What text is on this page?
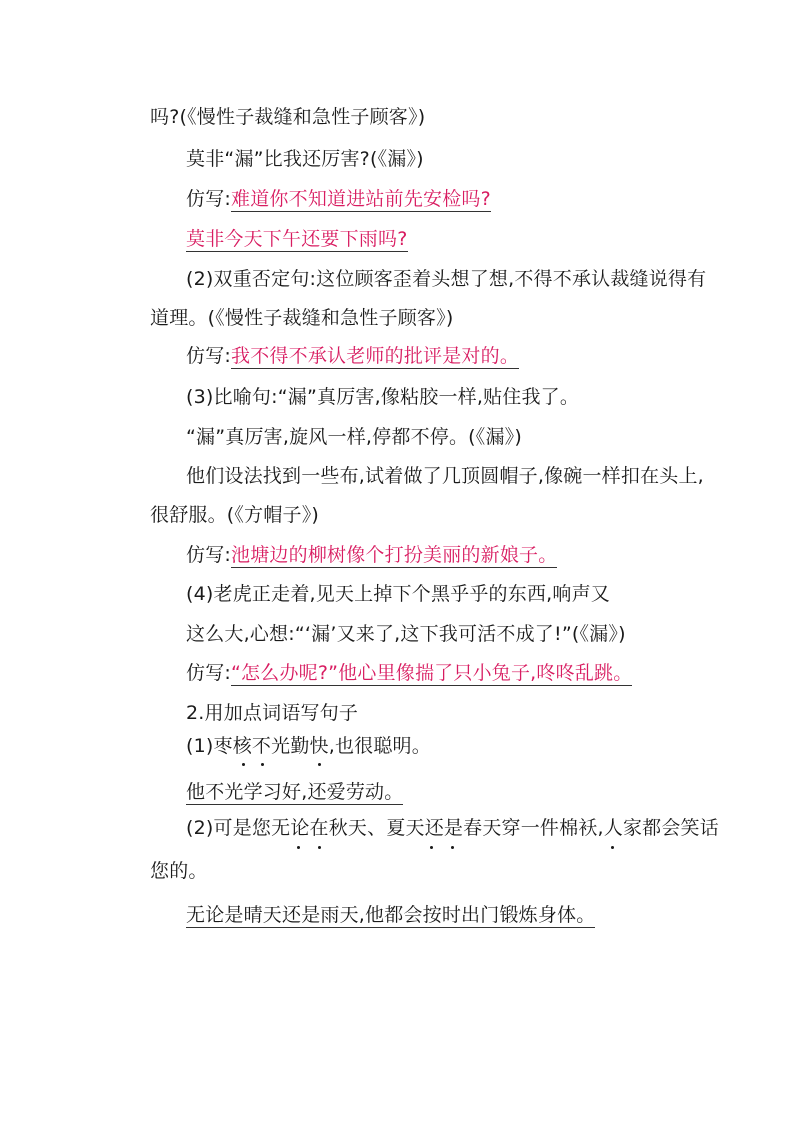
吗?(《慢性子裁缝和急性子顾客》)
莫非“漏”比我还厉害?(《漏》)
仿写:难道你不知道进站前先安检吗?
莫非今天下午还要下雨吗?
(2)双重否定句:这位顾客歪着头想了想,不得不承认裁缝说得有
道理。(《慢性子裁缝和急性子顾客》)
仿写:我不得不承认老师的批评是对的。
(3)比喻句:“漏”真厉害,像粘胶一样,贴住我了。
“漏”真厉害,旋风一样,停都不停。(《漏》)
他们设法找到一些布,试着做了几顶圆帽子,像碗一样扣在头上,
很舒服。(《方帽子》)
仿写:池塘边的柳树像个打扮美丽的新娘子。
(4)老虎正走着,见天上掉下个黑乎乎的东西,响声又
这么大,心想:“‘漏’又来了,这下我可活不成了!”(《漏》)
仿写:“怎么办呢?”他心里像揣了只小兔子,咚咚乱跳。
2.用加点词语写句子
(1)枣核不光勤快,也很聪明。
他不光学习好,还爱劳动。
(2)可是您无论在秋天、夏天还是春天穿一件棉袄,人家都会笑话
您的。
无论是晴天还是雨天,他都会按时出门锻炼身体。
